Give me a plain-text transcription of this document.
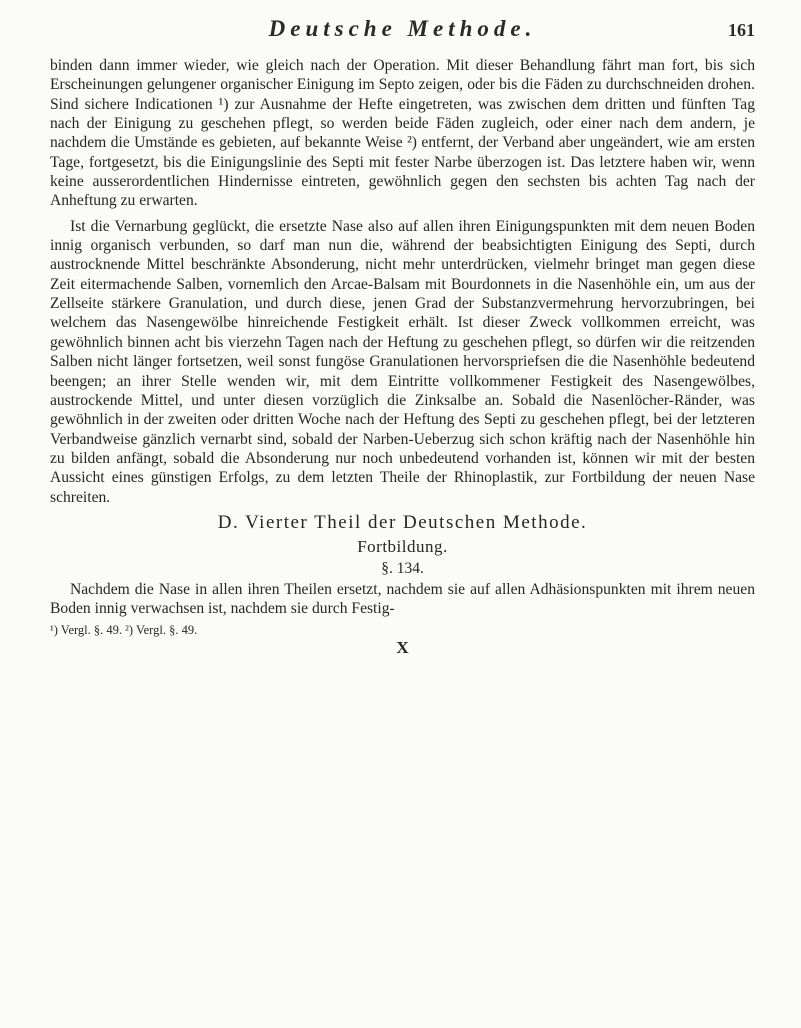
Deutsche Methode.	161

binden dann immer wieder, wie gleich nach der Operation. Mit dieser Behandlung fährt man fort, bis sich Erscheinungen gelungener organischer Einigung im Septo zeigen, oder bis die Fäden zu durchschneiden drohen. Sind sichere Indicationen ¹) zur Ausnahme der Hefte eingetreten, was zwischen dem dritten und fünften Tag nach der Einigung zu geschehen pflegt, so werden beide Fäden zugleich, oder einer nach dem andern, je nachdem die Umstände es gebieten, auf bekannte Weise ²) entfernt, der Verband aber ungeändert, wie am ersten Tage, fortgesetzt, bis die Einigungslinie des Septi mit fester Narbe überzogen ist. Das letztere haben wir, wenn keine ausserordentlichen Hindernisse eintreten, gewöhnlich gegen den sechsten bis achten Tag nach der Anheftung zu erwarten.

Ist die Vernarbung geglückt, die ersetzte Nase also auf allen ihren Einigungspunkten mit dem neuen Boden innig organisch verbunden, so darf man nun die, während der beabsichtigten Einigung des Septi, durch austrocknende Mittel beschränkte Absonderung, nicht mehr unterdrücken, vielmehr bringet man gegen diese Zeit eitermachende Salben, vornemlich den Arcae-Balsam mit Bourdonnets in die Nasenhöhle ein, um aus der Zellseite stärkere Granulation, und durch diese, jenen Grad der Substanzvermehrung hervorzubringen, bei welchem das Nasengewölbe hinreichende Festigkeit erhält. Ist dieser Zweck vollkommen erreicht, was gewöhnlich binnen acht bis vierzehn Tagen nach der Heftung zu geschehen pflegt, so dürfen wir die reitzenden Salben nicht länger fortsetzen, weil sonst fungöse Granulationen hervorspriefsen die die Nasenhöhle bedeutend beengen; an ihrer Stelle wenden wir, mit dem Eintritte vollkommener Festigkeit des Nasengewölbes, austrockende Mittel, und unter diesen vorzüglich die Zinksalbe an. Sobald die Nasenlöcher-Ränder, was gewöhnlich in der zweiten oder dritten Woche nach der Heftung des Septi zu geschehen pflegt, bei der letzteren Verbandweise gänzlich vernarbt sind, sobald der Narben-Ueberzug sich schon kräftig nach der Nasenhöhle hin zu bilden anfängt, sobald die Absonderung nur noch unbedeutend vorhanden ist, können wir mit der besten Aussicht eines günstigen Erfolgs, zu dem letzten Theile der Rhinoplastik, zur Fortbildung der neuen Nase schreiten.

D. Vierter Theil der Deutschen Methode.
Fortbildung.
§. 134.

Nachdem die Nase in allen ihren Theilen ersetzt, nachdem sie auf allen Adhäsionspunkten mit ihrem neuen Boden innig verwachsen ist, nachdem sie durch Festig-

¹) Vergl. §. 49. ²) Vergl. §. 49.
X
